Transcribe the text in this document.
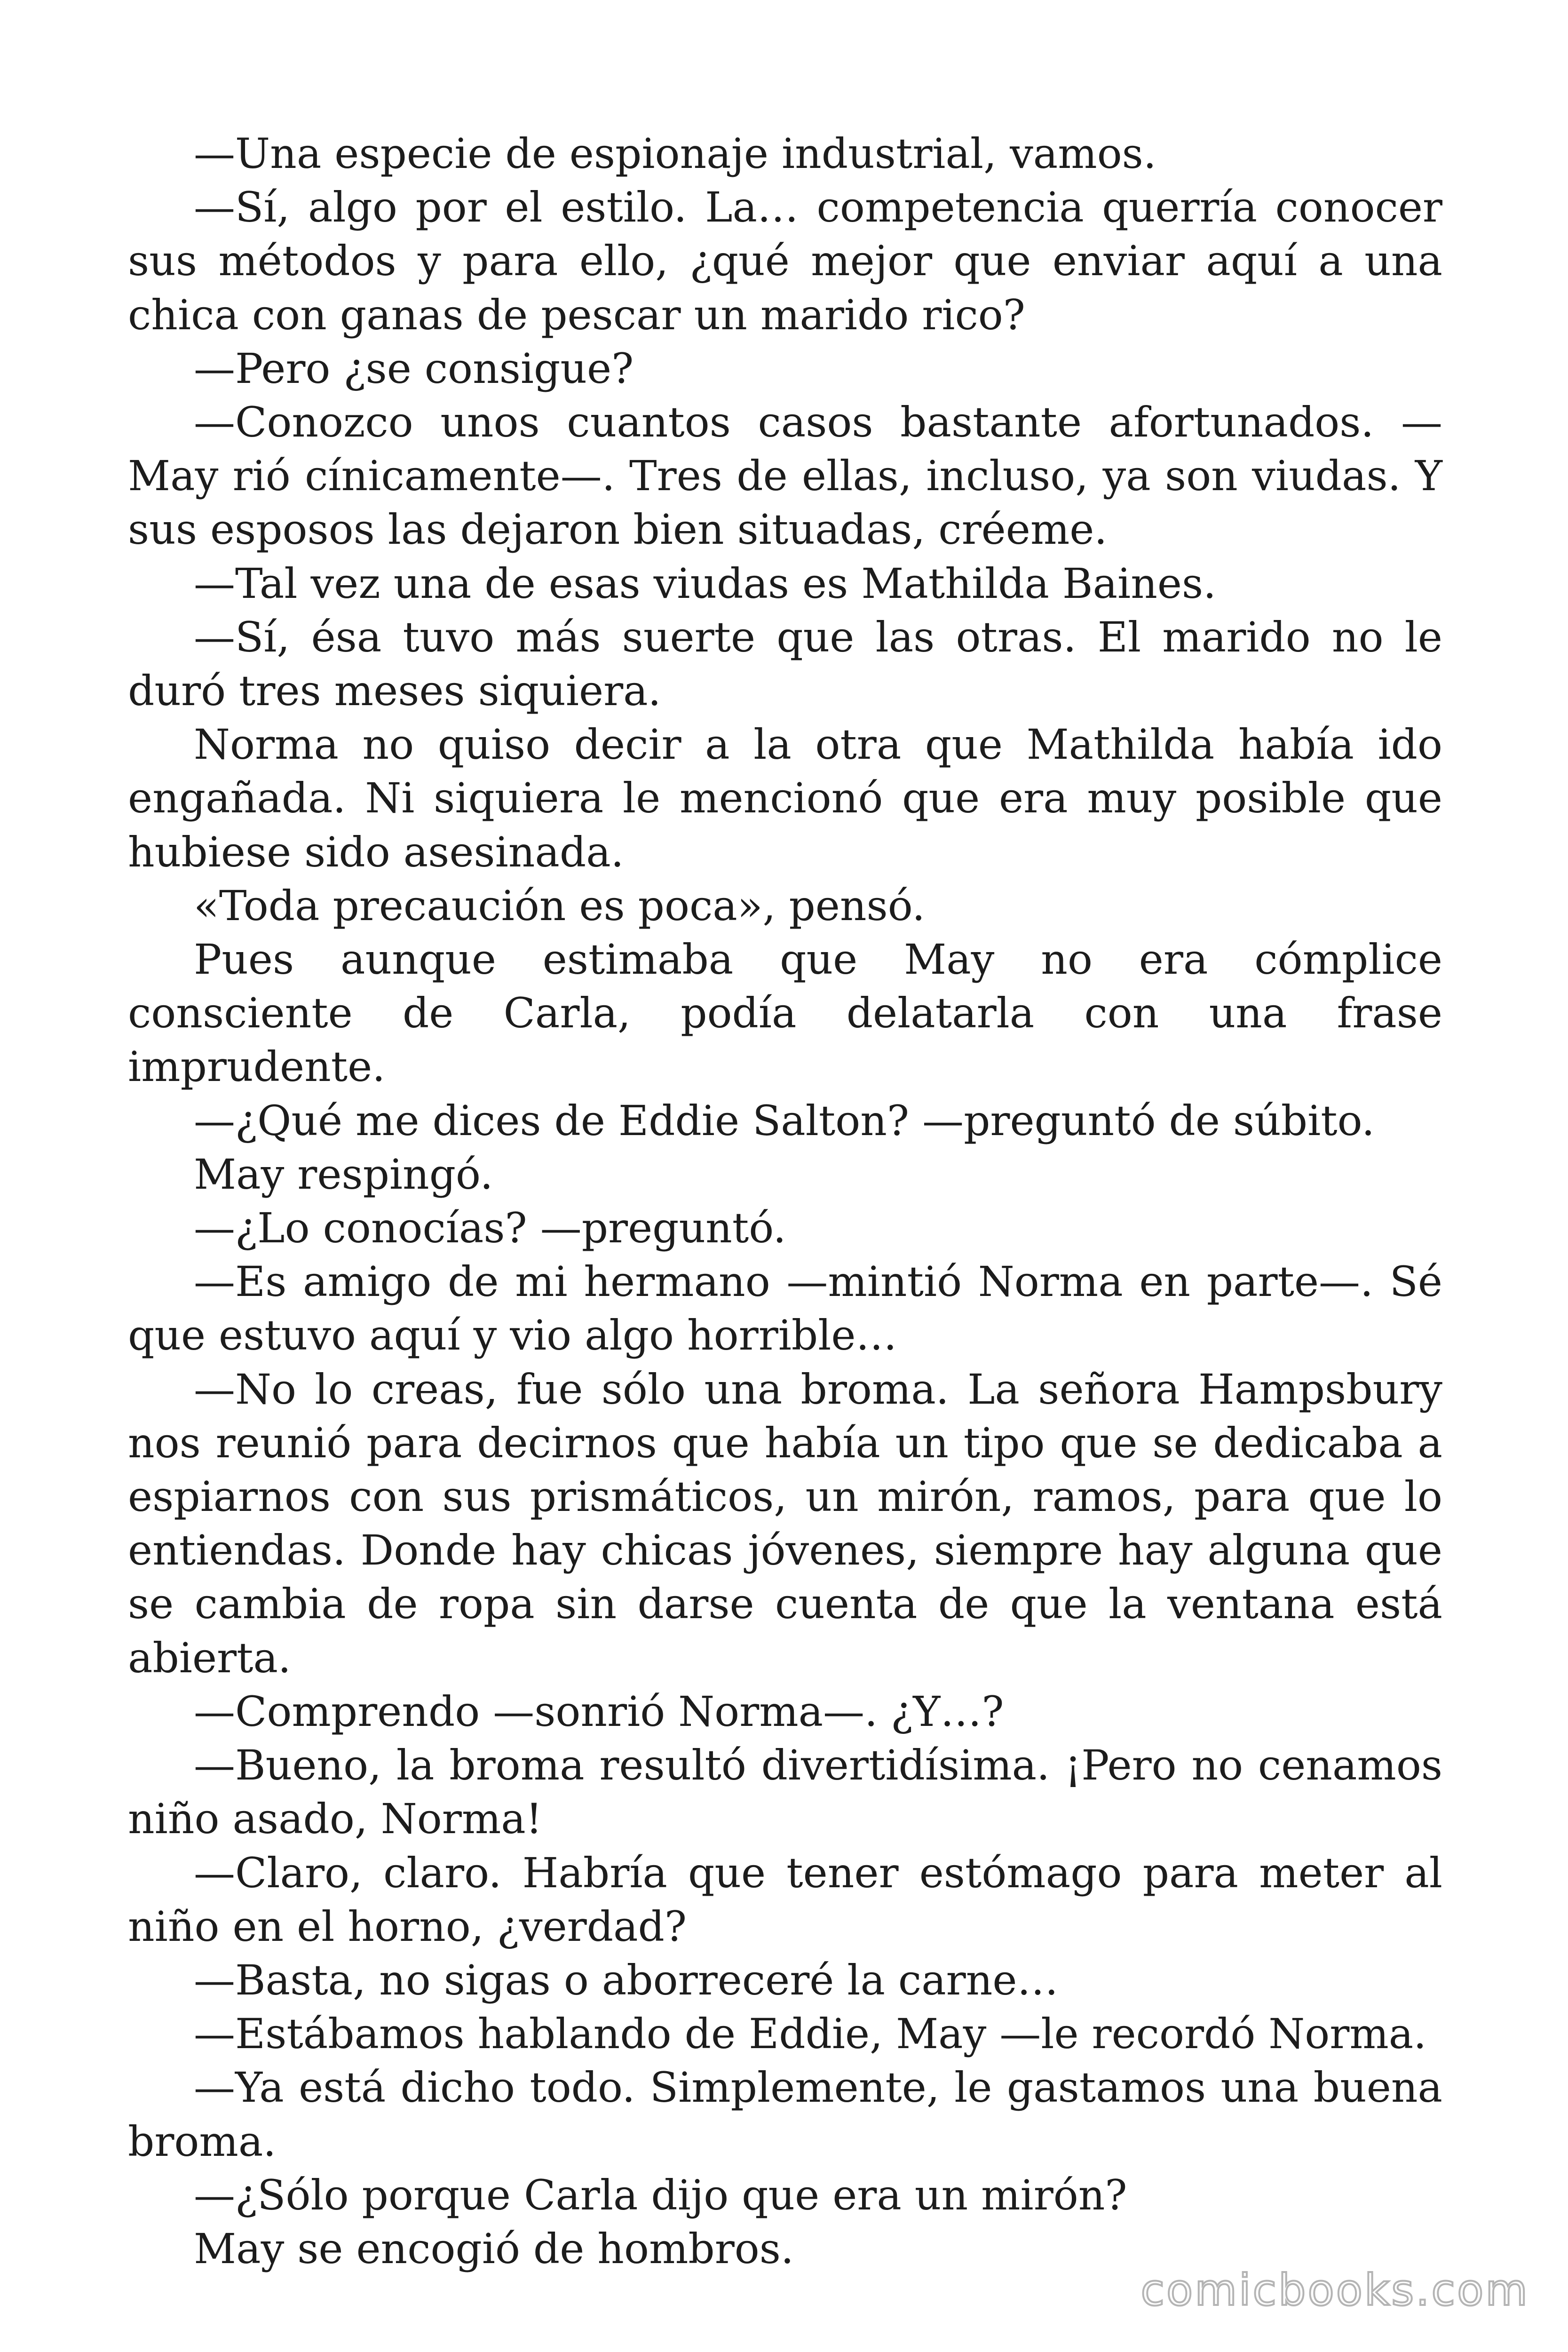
—Una especie de espionaje industrial, vamos.

—Sí, algo por el estilo. La… competencia querría conocer sus métodos y para ello, ¿qué mejor que enviar aquí a una chica con ganas de pescar un marido rico?

—Pero ¿se consigue?

—Conozco unos cuantos casos bastante afortunados. —May rió cínicamente—. Tres de ellas, incluso, ya son viudas. Y sus esposos las dejaron bien situadas, créeme.

—Tal vez una de esas viudas es Mathilda Baines.

—Sí, ésa tuvo más suerte que las otras. El marido no le duró tres meses siquiera.

Norma no quiso decir a la otra que Mathilda había ido engañada. Ni siquiera le mencionó que era muy posible que hubiese sido asesinada.

«Toda precaución es poca», pensó.

Pues aunque estimaba que May no era cómplice consciente de Carla, podía delatarla con una frase imprudente.

—¿Qué me dices de Eddie Salton? —preguntó de súbito.

May respingó.

—¿Lo conocías? —preguntó.

—Es amigo de mi hermano —mintió Norma en parte—. Sé que estuvo aquí y vio algo horrible…

—No lo creas, fue sólo una broma. La señora Hampsbury nos reunió para decirnos que había un tipo que se dedicaba a espiarnos con sus prismáticos, un mirón, ramos, para que lo entiendas. Donde hay chicas jóvenes, siempre hay alguna que se cambia de ropa sin darse cuenta de que la ventana está abierta.

—Comprendo —sonrió Norma—. ¿Y…?

—Bueno, la broma resultó divertidísima. ¡Pero no cenamos niño asado, Norma!

—Claro, claro. Habría que tener estómago para meter al niño en el horno, ¿verdad?

—Basta, no sigas o aborreceré la carne…

—Estábamos hablando de Eddie, May —le recordó Norma.

—Ya está dicho todo. Simplemente, le gastamos una buena broma.

—¿Sólo porque Carla dijo que era un mirón?

May se encogió de hombros.

comicbooks.com
